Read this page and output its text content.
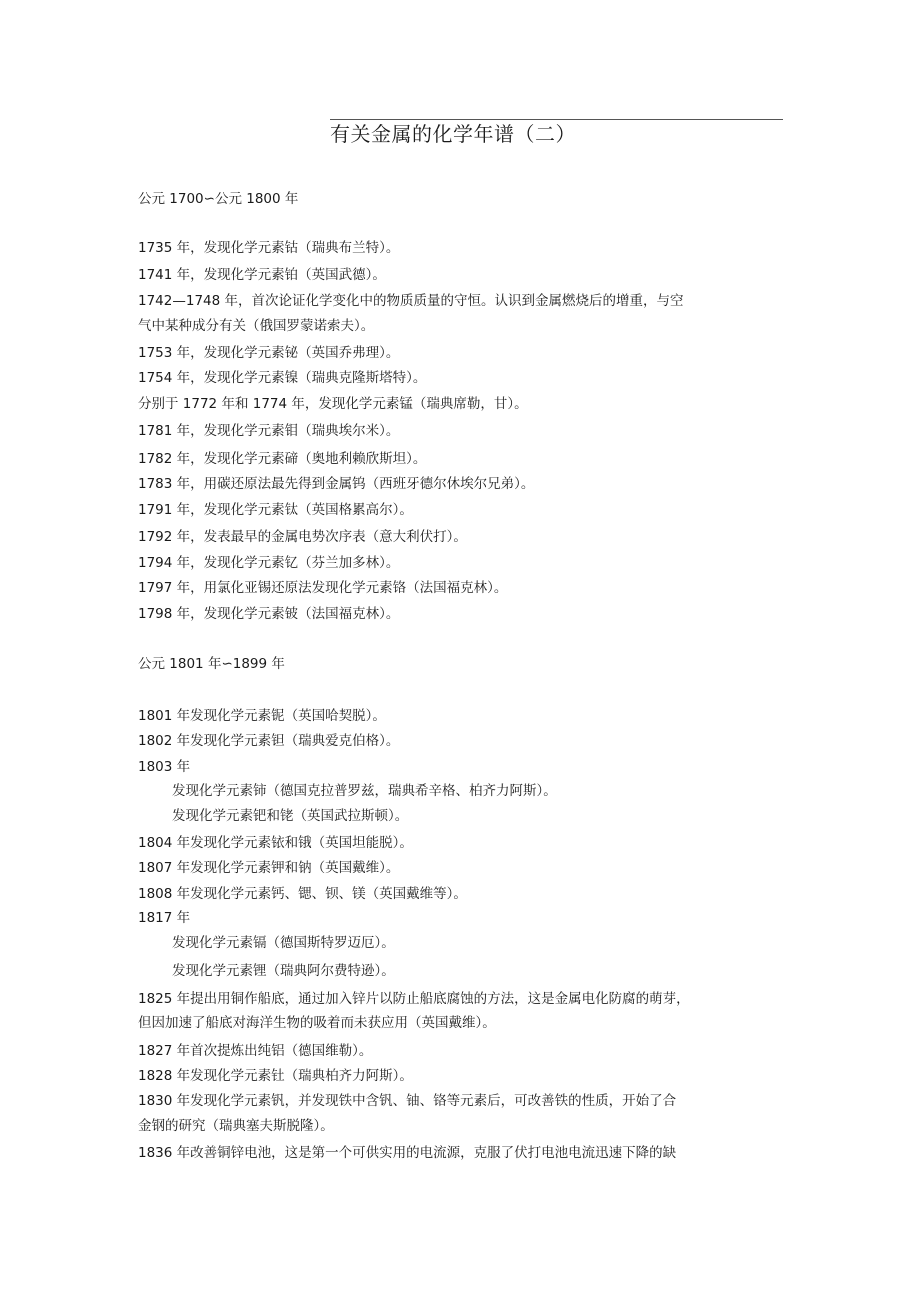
有关金属的化学年谱（二）
公元 1700∽公元 1800 年
1735 年，发现化学元素钴（瑞典布兰特）。
1741 年，发现化学元素铂（英国武德）。
1742—1748 年，首次论证化学变化中的物质质量的守恒。认识到金属燃烧后的增重，与空
气中某种成分有关（俄国罗蒙诺索夫）。
1753 年，发现化学元素铋（英国乔弗理）。
1754 年，发现化学元素镍（瑞典克隆斯塔特）。
分别于 1772 年和 1774 年，发现化学元素锰（瑞典席勒，甘）。
1781 年，发现化学元素钼（瑞典埃尔米）。
1782 年，发现化学元素碲（奥地利赖欣斯坦）。
1783 年，用碳还原法最先得到金属钨（西班牙德尔休埃尔兄弟）。
1791 年，发现化学元素钛（英国格累高尔）。
1792 年，发表最早的金属电势次序表（意大利伏打）。
1794 年，发现化学元素钇（芬兰加多林）。
1797 年，用氯化亚锡还原法发现化学元素铬（法国福克林）。
1798 年，发现化学元素铍（法国福克林）。
公元 1801 年∽1899 年
1801 年发现化学元素铌（英国哈契脱）。
1802 年发现化学元素钽（瑞典爱克伯格）。
1803 年
发现化学元素铈（德国克拉普罗兹，瑞典希辛格、柏齐力阿斯）。
发现化学元素钯和铑（英国武拉斯顿）。
1804 年发现化学元素铱和锇（英国坦能脱）。
1807 年发现化学元素钾和钠（英国戴维）。
1808 年发现化学元素钙、锶、钡、镁（英国戴维等）。
1817 年
发现化学元素镉（德国斯特罗迈厄）。
发现化学元素锂（瑞典阿尔费特逊）。
1825 年提出用铜作船底，通过加入锌片以防止船底腐蚀的方法，这是金属电化防腐的萌芽，
但因加速了船底对海洋生物的吸着而未获应用（英国戴维）。
1827 年首次提炼出纯铝（德国维勒）。
1828 年发现化学元素钍（瑞典柏齐力阿斯）。
1830 年发现化学元素钒，并发现铁中含钒、铀、铬等元素后，可改善铁的性质，开始了合
金钢的研究（瑞典塞夫斯脱隆）。
1836 年改善铜锌电池，这是第一个可供实用的电流源，克服了伏打电池电流迅速下降的缺
